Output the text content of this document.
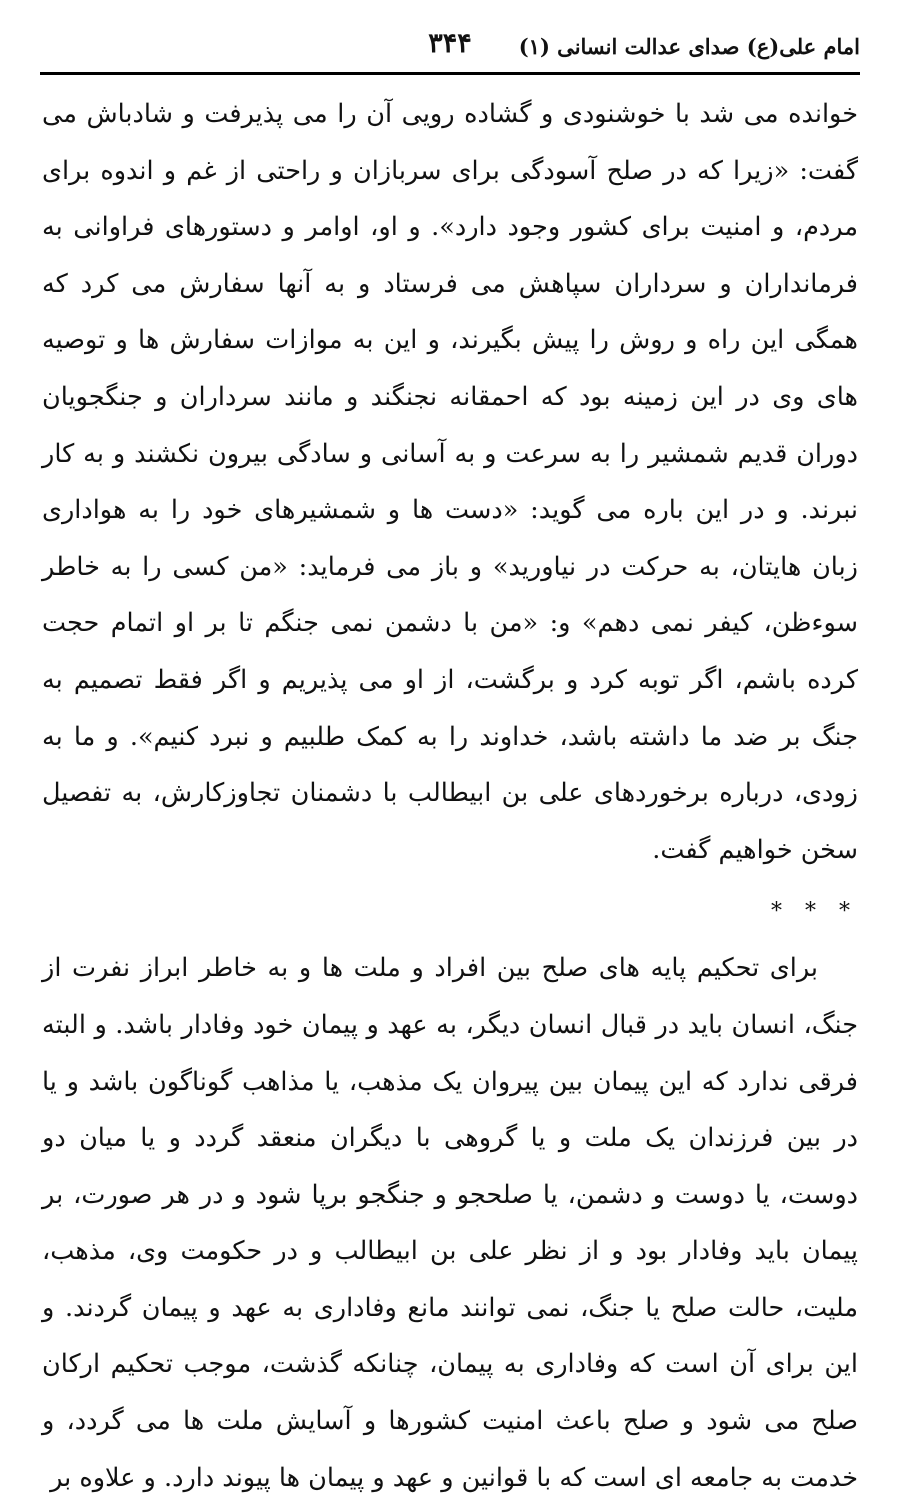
امام علی(ع) صدای عدالت انسانی (۱)
۳۴۴

خوانده می شد با خوشنودی و گشاده رویی آن را می پذیرفت و شادباش می گفت: «زیرا که در صلح آسودگی برای سربازان و راحتی از غم و اندوه برای مردم، و امنیت برای کشور وجود دارد». و او، اوامر و دستورهای فراوانی به فرمانداران و سرداران سپاهش می فرستاد و به آنها سفارش می کرد که همگی این راه و روش را پیش بگیرند، و این به موازات سفارش ها و توصیه های وی در این زمینه بود که احمقانه نجنگند و مانند سرداران و جنگجویان دوران قدیم شمشیر را به سرعت و به آسانی و سادگی بیرون نکشند و به کار نبرند. و در این باره می گوید: «دست ها و شمشیرهای خود را به هواداری زبان هایتان، به حرکت در نیاورید» و باز می فرماید: «من کسی را به خاطر سوءظن، کیفر نمی دهم» و: «من با دشمن نمی جنگم تا بر او اتمام حجت کرده باشم، اگر توبه کرد و برگشت، از او می پذیریم و اگر فقط تصمیم به جنگ بر ضد ما داشته باشد، خداوند را به کمک طلبیم و نبرد کنیم». و ما به زودی، درباره برخوردهای علی بن ابیطالب با دشمنان تجاوزکارش، به تفصیل سخن خواهیم گفت.

* * *

برای تحکیم پایه های صلح بین افراد و ملت ها و به خاطر ابراز نفرت از جنگ، انسان باید در قبال انسان دیگر، به عهد و پیمان خود وفادار باشد. و البته فرقی ندارد که این پیمان بین پیروان یک مذهب، یا مذاهب گوناگون باشد و یا در بین فرزندان یک ملت و یا گروهی با دیگران منعقد گردد و یا میان دو دوست، یا دوست و دشمن، یا صلحجو و جنگجو برپا شود و در هر صورت، بر پیمان باید وفادار بود و از نظر علی بن ابیطالب و در حکومت وی، مذهب، ملیت، حالت صلح یا جنگ، نمی توانند مانع وفاداری به عهد و پیمان گردند. و این برای آن است که وفاداری به پیمان، چنانکه گذشت، موجب تحکیم ارکان صلح می شود و صلح باعث امنیت کشورها و آسایش ملت ها می گردد، و خدمت به جامعه ای است که با قوانین و عهد و پیمان ها پیوند دارد. و علاوه بر
